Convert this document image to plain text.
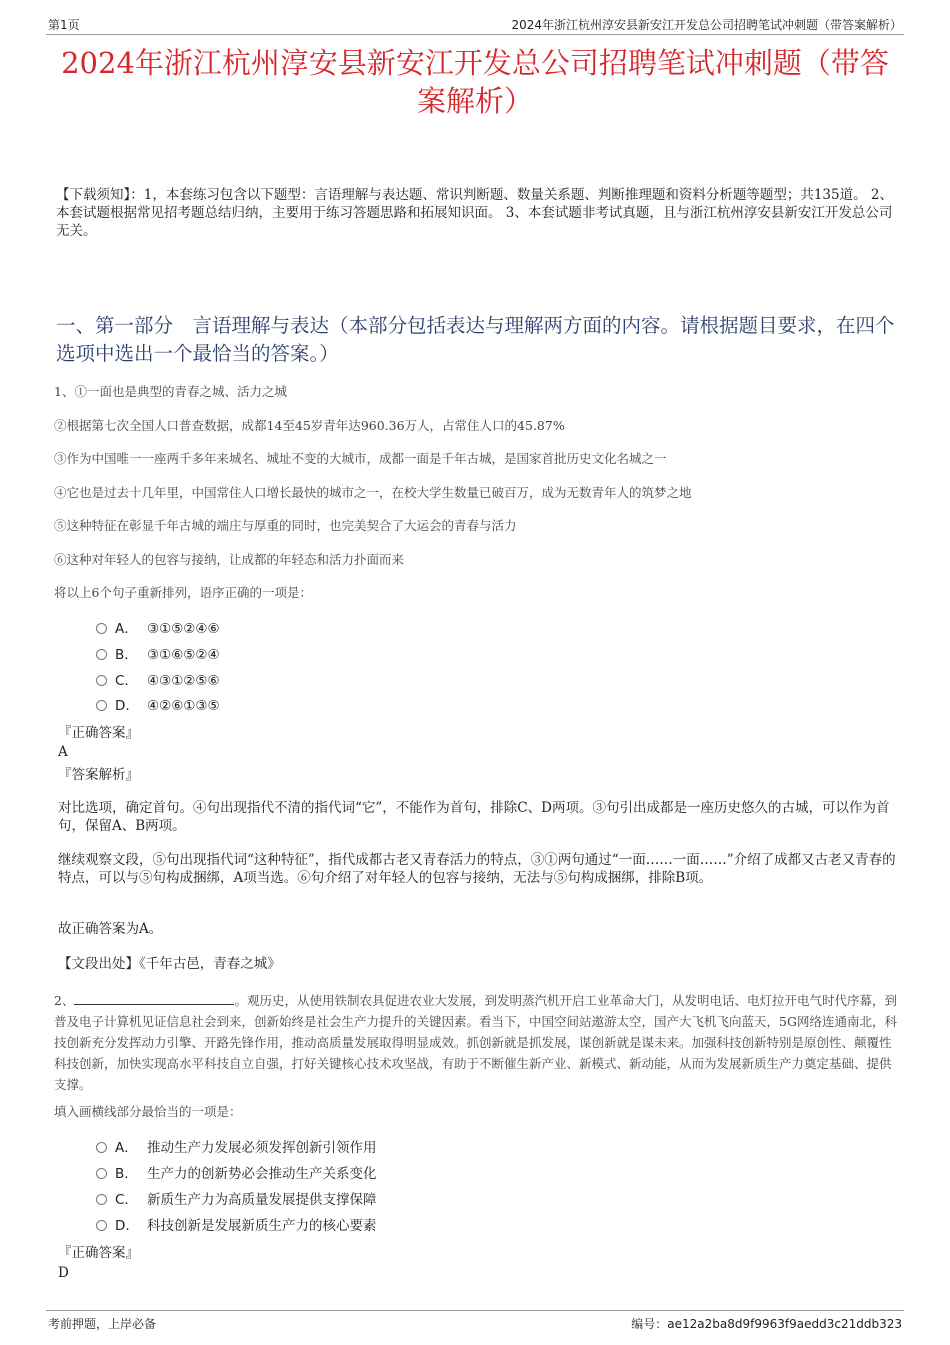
第1页	2024年浙江杭州淳安县新安江开发总公司招聘笔试冲刺题（带答案解析）
2024年浙江杭州淳安县新安江开发总公司招聘笔试冲刺题（带答案解析）
【下载须知】：1，本套练习包含以下题型：言语理解与表达题、常识判断题、数量关系题、判断推理题和资料分析题等题型；共135道。 2、本套试题根据常见招考题总结归纳，主要用于练习答题思路和拓展知识面。 3、本套试题非考试真题，且与浙江杭州淳安县新安江开发总公司无关。
一、第一部分　言语理解与表达（本部分包括表达与理解两方面的内容。请根据题目要求，在四个选项中选出一个最恰当的答案。）
1、①一面也是典型的青春之城、活力之城
②根据第七次全国人口普查数据，成都14至45岁青年达960.36万人，占常住人口的45.87%
③作为中国唯一一座两千多年来城名、城址不变的大城市，成都一面是千年古城，是国家首批历史文化名城之一
④它也是过去十几年里，中国常住人口增长最快的城市之一，在校大学生数量已破百万，成为无数青年人的筑梦之地
⑤这种特征在彰显千年古城的端庄与厚重的同时，也完美契合了大运会的青春与活力
⑥这种对年轻人的包容与接纳，让成都的年轻态和活力扑面而来
将以上6个句子重新排列，语序正确的一项是：
A． ③①⑤②④⑥
B. ③①⑥⑤②④
C. ④③①②⑤⑥
D. ④②⑥①③⑤
『正确答案』
A
『答案解析』
对比选项，确定首句。④句出现指代不清的指代词“它”，不能作为首句，排除C、D两项。③句引出成都是一座历史悠久的古城，可以作为首句，保留A、B两项。
继续观察文段，⑤句出现指代词“这种特征”，指代成都古老又青春活力的特点，③①两句通过“一面……一面……”介绍了成都又古老又青春的特点，可以与⑤句构成捆绑，A项当选。⑥句介绍了对年轻人的包容与接纳，无法与⑤句构成捆绑，排除B项。
故正确答案为A。
【文段出处】《千年古邑，青春之城》
2、	。观历史，从使用铁制农具促进农业大发展，到发明蒸汽机开启工业革命大门，从发明电话、电灯拉开电气时代序幕，到普及电子计算机见证信息社会到来，创新始终是社会生产力提升的关键因素。看当下，中国空间站遨游太空，国产大飞机飞向蓝天，5G网络连通南北，科技创新充分发挥动力引擎、开路先锋作用，推动高质量发展取得明显成效。抓创新就是抓发展，谋创新就是谋未来。加强科技创新特别是原创性、颠覆性科技创新，加快实现高水平科技自立自强，打好关键核心技术攻坚战，有助于不断催生新产业、新模式、新动能，从而为发展新质生产力奠定基础、提供支撑。
填入画横线部分最恰当的一项是：
A． 推动生产力发展必须发挥创新引领作用
B. 生产力的创新势必会推动生产关系变化
C. 新质生产力为高质量发展提供支撑保障
D. 科技创新是发展新质生产力的核心要素
『正确答案』
D
考前押题，上岸必备	编号：ae12a2ba8d9f9963f9aedd3c21ddb323
